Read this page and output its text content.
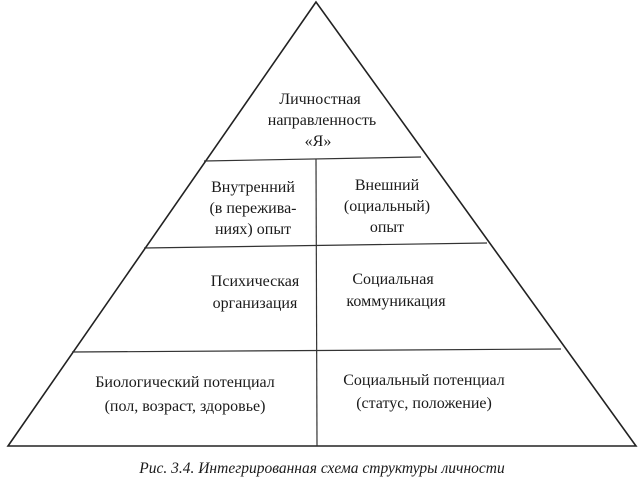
Личностная
направленность
«Я»
Внутренний
(в пережива-
ниях) опыт
Внешний
(оциальный)
опыт
Психическая
организация
Социальная
коммуникация
Биологический потенциал
(пол, возраст, здоровье)
Социальный потенциал
(статус, положение)
Рис. 3.4. Интегрированная схема структуры личности
